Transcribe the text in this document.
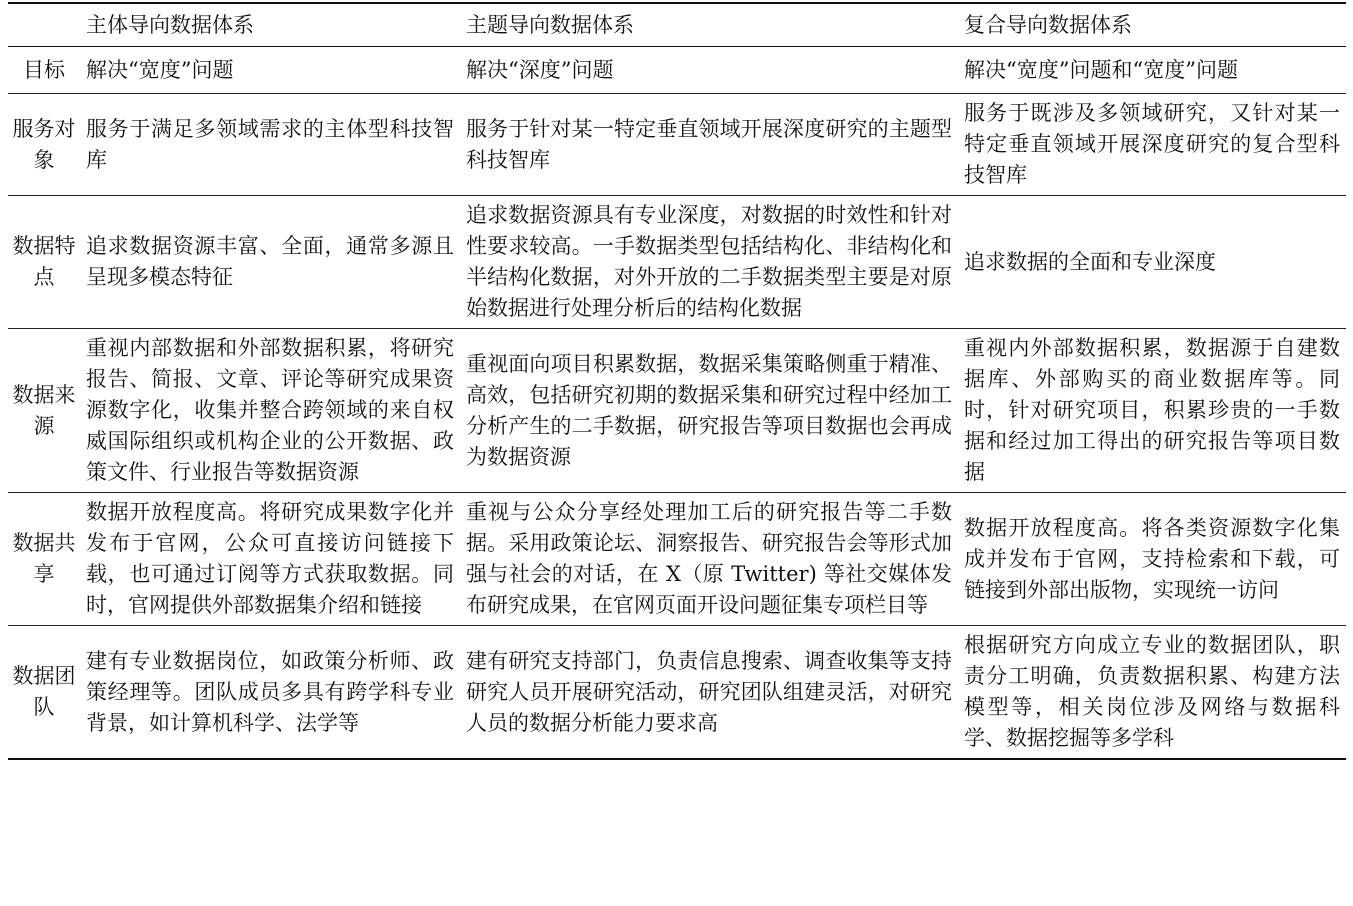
	主体导向数据体系	主题导向数据体系	复合导向数据体系
目标	解决“宽度”问题	解决“深度”问题	解决“宽度”问题和“宽度”问题
服务对象	服务于满足多领域需求的主体型科技智库	服务于针对某一特定垂直领域开展深度研究的主题型科技智库	服务于既涉及多领域研究，又针对某一特定垂直领域开展深度研究的复合型科技智库
数据特点	追求数据资源丰富、全面，通常多源且呈现多模态特征	追求数据资源具有专业深度，对数据的时效性和针对性要求较高。一手数据类型包括结构化、非结构化和半结构化数据，对外开放的二手数据类型主要是对原始数据进行处理分析后的结构化数据	追求数据的全面和专业深度
数据来源	重视内部数据和外部数据积累，将研究报告、简报、文章、评论等研究成果资源数字化，收集并整合跨领域的来自权威国际组织或机构企业的公开数据、政策文件、行业报告等数据资源	重视面向项目积累数据，数据采集策略侧重于精准、高效，包括研究初期的数据采集和研究过程中经加工分析产生的二手数据，研究报告等项目数据也会再成为数据资源	重视内外部数据积累，数据源于自建数据库、外部购买的商业数据库等。同时，针对研究项目，积累珍贵的一手数据和经过加工得出的研究报告等项目数据
数据共享	数据开放程度高。将研究成果数字化并发布于官网，公众可直接访问链接下载，也可通过订阅等方式获取数据。同时，官网提供外部数据集介绍和链接	重视与公众分享经处理加工后的研究报告等二手数据。采用政策论坛、洞察报告、研究报告会等形式加强与社会的对话，在 X（原 Twitter) 等社交媒体发布研究成果，在官网页面开设问题征集专项栏目等	数据开放程度高。将各类资源数字化集成并发布于官网，支持检索和下载，可链接到外部出版物，实现统一访问
数据团队	建有专业数据岗位，如政策分析师、政策经理等。团队成员多具有跨学科专业背景，如计算机科学、法学等	建有研究支持部门，负责信息搜索、调查收集等支持研究人员开展研究活动，研究团队组建灵活，对研究人员的数据分析能力要求高	根据研究方向成立专业的数据团队，职责分工明确，负责数据积累、构建方法模型等，相关岗位涉及网络与数据科学、数据挖掘等多学科
